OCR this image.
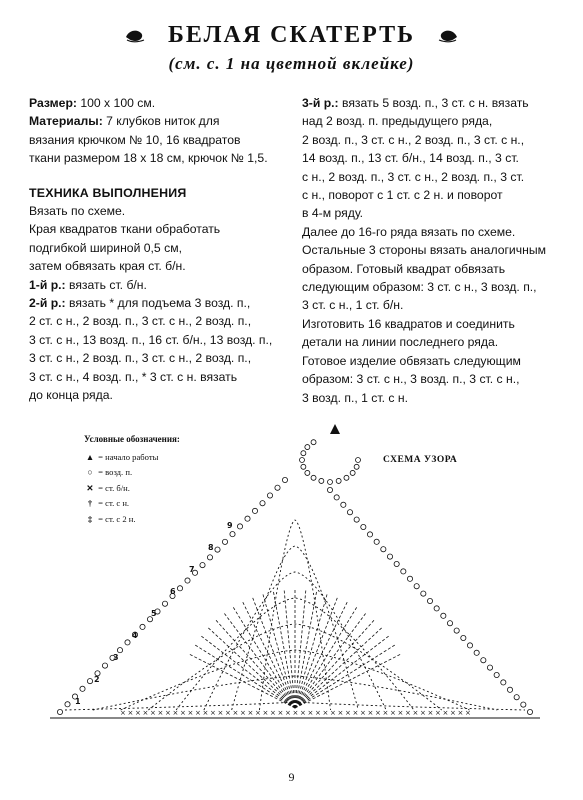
БЕЛАЯ СКАТЕРТЬ
(см. с. 1 на цветной вклейке)
Размер: 100 х 100 см.
Материалы: 7 клубков ниток для
вязания крючком № 10, 16 квадратов
ткани размером 18 х 18 см, крючок № 1,5.
ТЕХНИКА ВЫПОЛНЕНИЯ
Вязать по схеме.
Края квадратов ткани обработать
подгибкой шириной 0,5 см,
затем обвязать края ст. б/н.
1-й р.: вязать ст. б/н.
2-й р.: вязать * для подъема 3 возд. п.,
2 ст. с н., 2 возд. п., 3 ст. с н., 2 возд. п.,
3 ст. с н., 13 возд. п., 16 ст. б/н., 13 возд. п.,
3 ст. с н., 2 возд. п., 3 ст. с н., 2 возд. п.,
3 ст. с н., 4 возд. п., * 3 ст. с н. вязать
до конца ряда.
3-й р.: вязать 5 возд. п., 3 ст. с н. вязать
над 2 возд. п. предыдущего ряда,
2 возд. п., 3 ст. с н., 2 возд. п., 3 ст. с н.,
14 возд. п., 13 ст. б/н., 14 возд. п., 3 ст.
с н., 2 возд. п., 3 ст. с н., 2 возд. п., 3 ст.
с н., поворот с 1 ст. с 2 н. и поворот
в 4-м ряду.
Далее до 16-го ряда вязать по схеме.
Остальные 3 стороны вязать аналогичным
образом. Готовый квадрат обвязать
следующим образом: 3 ст. с н., 3 возд. п.,
3 ст. с н., 1 ст. б/н.
Изготовить 16 квадратов и соединить
детали на линии последнего ряда.
Готовое изделие обвязать следующим
образом: 3 ст. с н., 3 возд. п., 3 ст. с н.,
3 возд. п., 1 ст. с н.
× × × × × × × × × × × × × × × × × × × × × × × × × × × × × × × × × × × × × × × × × × × × × × ×
1
2
3
4
5
6
7
8
9
Условные обозначения:
▲ = начало работы
○ = возд. п.
✕ = ст. б/н.
† = ст. с н.
‡ = ст. с 2 н.
СХЕМА УЗОРА
9
